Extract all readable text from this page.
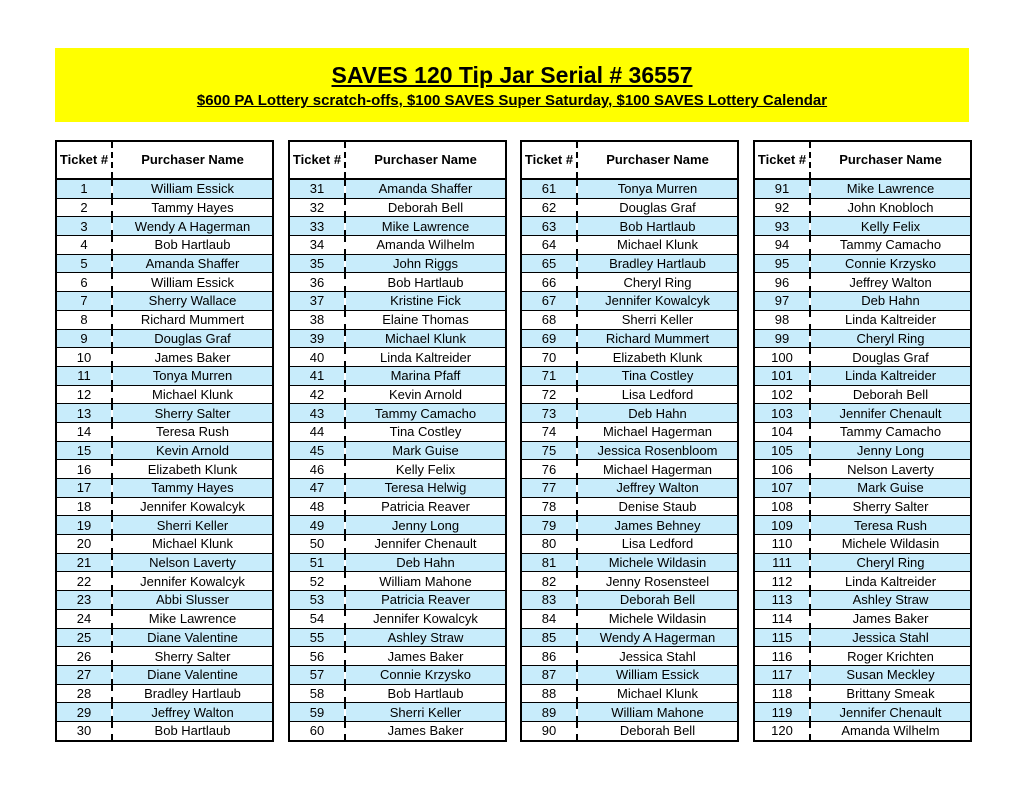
SAVES 120 Tip Jar Serial # 36557
$600 PA Lottery scratch-offs, $100 SAVES Super Saturday, $100 SAVES Lottery Calendar
Ticket #	Purchaser Name
1	William Essick
2	Tammy Hayes
3	Wendy A Hagerman
4	Bob Hartlaub
5	Amanda Shaffer
6	William Essick
7	Sherry Wallace
8	Richard Mummert
9	Douglas Graf
10	James Baker
11	Tonya Murren
12	Michael Klunk
13	Sherry Salter
14	Teresa Rush
15	Kevin Arnold
16	Elizabeth Klunk
17	Tammy Hayes
18	Jennifer Kowalcyk
19	Sherri Keller
20	Michael Klunk
21	Nelson Laverty
22	Jennifer Kowalcyk
23	Abbi Slusser
24	Mike Lawrence
25	Diane Valentine
26	Sherry Salter
27	Diane Valentine
28	Bradley Hartlaub
29	Jeffrey Walton
30	Bob Hartlaub
Ticket #	Purchaser Name
31	Amanda Shaffer
32	Deborah Bell
33	Mike Lawrence
34	Amanda Wilhelm
35	John Riggs
36	Bob Hartlaub
37	Kristine Fick
38	Elaine Thomas
39	Michael Klunk
40	Linda Kaltreider
41	Marina Pfaff
42	Kevin Arnold
43	Tammy Camacho
44	Tina Costley
45	Mark Guise
46	Kelly Felix
47	Teresa Helwig
48	Patricia Reaver
49	Jenny Long
50	Jennifer Chenault
51	Deb Hahn
52	William Mahone
53	Patricia Reaver
54	Jennifer Kowalcyk
55	Ashley Straw
56	James Baker
57	Connie Krzysko
58	Bob Hartlaub
59	Sherri Keller
60	James Baker
Ticket #	Purchaser Name
61	Tonya Murren
62	Douglas Graf
63	Bob Hartlaub
64	Michael Klunk
65	Bradley Hartlaub
66	Cheryl Ring
67	Jennifer Kowalcyk
68	Sherri Keller
69	Richard Mummert
70	Elizabeth Klunk
71	Tina Costley
72	Lisa Ledford
73	Deb Hahn
74	Michael Hagerman
75	Jessica Rosenbloom
76	Michael Hagerman
77	Jeffrey Walton
78	Denise Staub
79	James Behney
80	Lisa Ledford
81	Michele Wildasin
82	Jenny Rosensteel
83	Deborah Bell
84	Michele Wildasin
85	Wendy A Hagerman
86	Jessica Stahl
87	William Essick
88	Michael Klunk
89	William Mahone
90	Deborah Bell
Ticket #	Purchaser Name
91	Mike Lawrence
92	John Knobloch
93	Kelly Felix
94	Tammy Camacho
95	Connie Krzysko
96	Jeffrey Walton
97	Deb Hahn
98	Linda Kaltreider
99	Cheryl Ring
100	Douglas Graf
101	Linda Kaltreider
102	Deborah Bell
103	Jennifer Chenault
104	Tammy Camacho
105	Jenny Long
106	Nelson Laverty
107	Mark Guise
108	Sherry Salter
109	Teresa Rush
110	Michele Wildasin
111	Cheryl Ring
112	Linda Kaltreider
113	Ashley Straw
114	James Baker
115	Jessica Stahl
116	Roger Krichten
117	Susan Meckley
118	Brittany Smeak
119	Jennifer Chenault
120	Amanda Wilhelm
